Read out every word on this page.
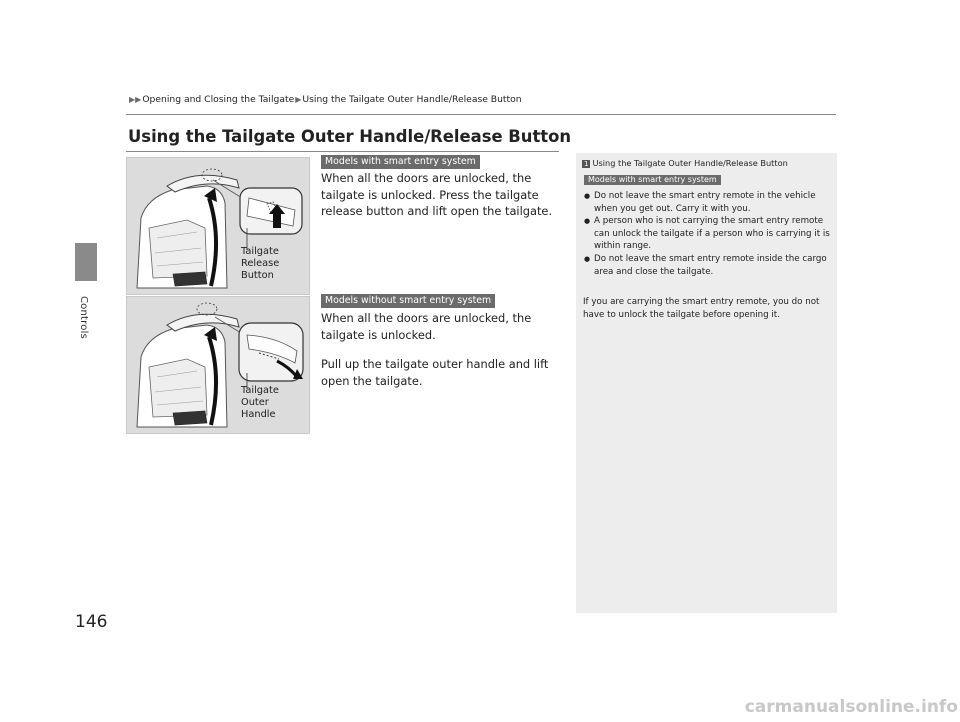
Controls
▶▶ Opening and Closing the Tailgate ▶ Using the Tailgate Outer Handle/Release Button
Using the Tailgate Outer Handle/Release Button
Tailgate
Release
Button
Tailgate
Outer
Handle
Models with smart entry system
When all the doors are unlocked, the tailgate is unlocked. Press the tailgate release button and lift open the tailgate.
Models without smart entry system
When all the doors are unlocked, the tailgate is unlocked.
Pull up the tailgate outer handle and lift open the tailgate.
1 Using the Tailgate Outer Handle/Release Button
Models with smart entry system
● Do not leave the smart entry remote in the vehicle when you get out. Carry it with you.
● A person who is not carrying the smart entry remote can unlock the tailgate if a person who is carrying it is within range.
● Do not leave the smart entry remote inside the cargo area and close the tailgate.
If you are carrying the smart entry remote, you do not have to unlock the tailgate before opening it.
146
carmanualsonline.info
